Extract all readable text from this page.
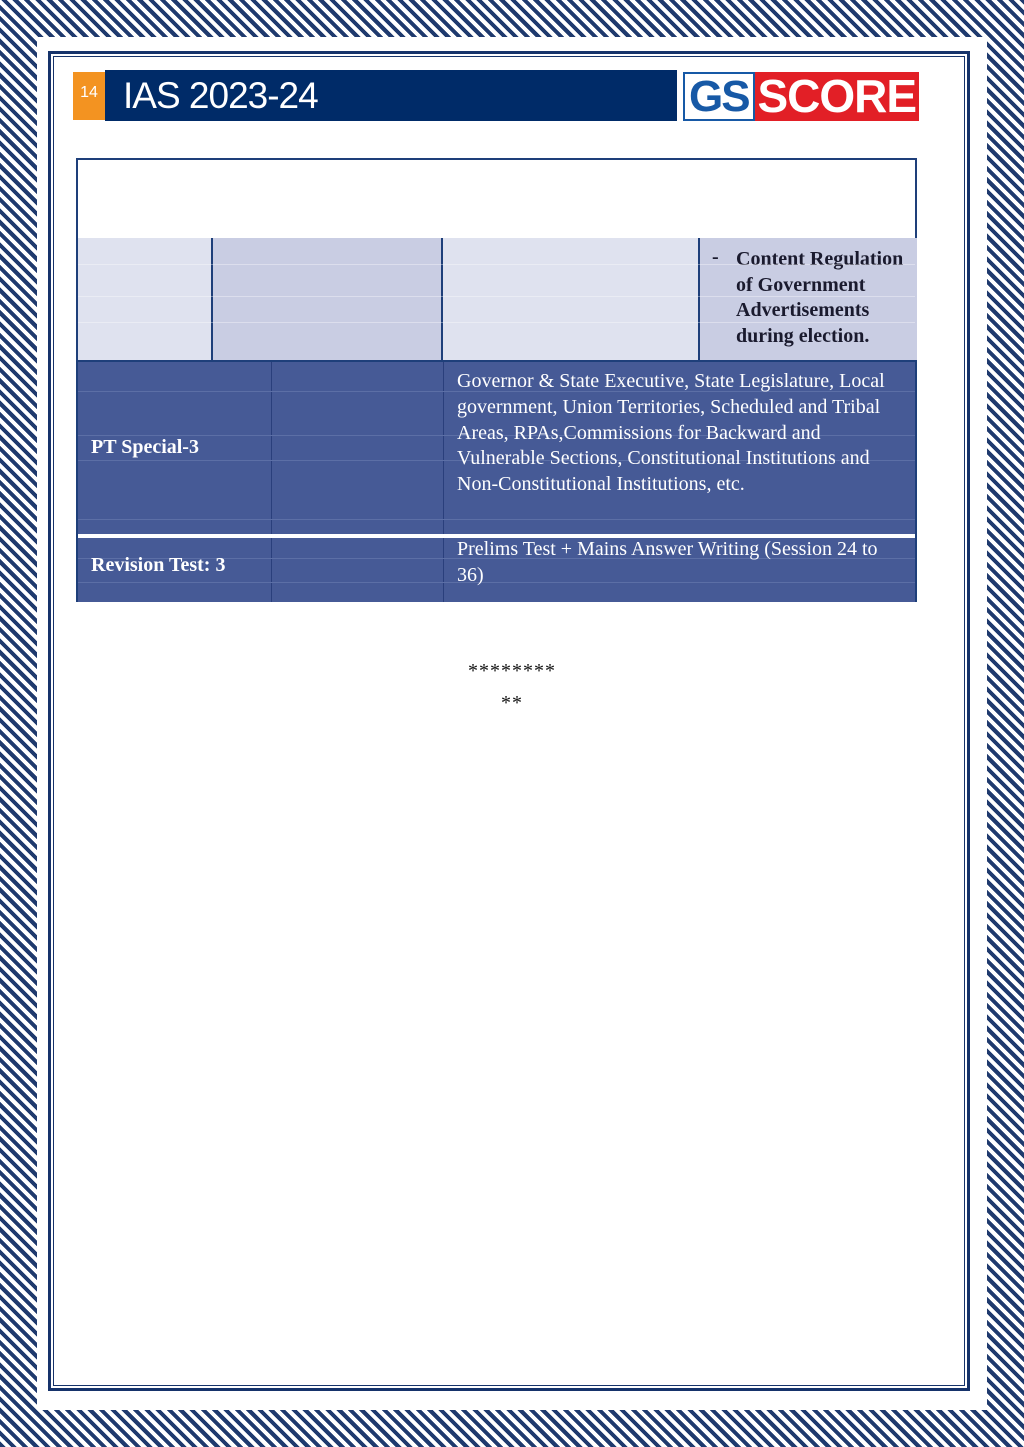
14 IAS 2023-24	GS SCORE
- Content Regulation of Government Advertisements during election.
PT Special-3
Governor & State Executive, State Legislature, Local government, Union Territories, Scheduled and Tribal Areas, RPAs,Commissions for Backward and Vulnerable Sections, Constitutional Institutions and Non-Constitutional Institutions, etc.
Revision Test: 3
Prelims Test + Mains Answer Writing (Session 24 to 36)
********
**
